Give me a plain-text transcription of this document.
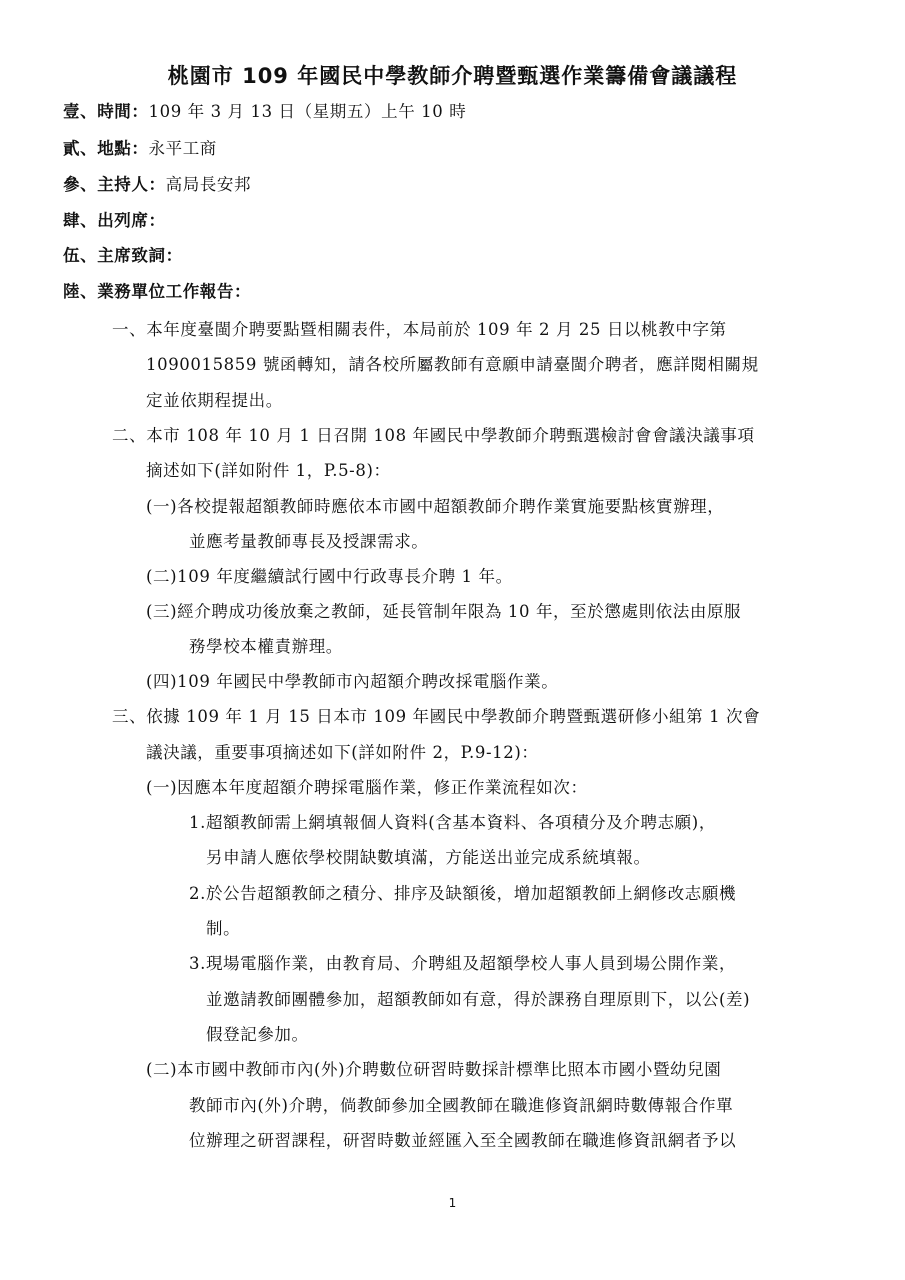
桃園市 109 年國民中學教師介聘暨甄選作業籌備會議議程
壹、時間：109 年 3 月 13 日（星期五）上午 10 時
貳、地點：永平工商
參、主持人：高局長安邦
肆、出列席：
伍、主席致詞：
陸、業務單位工作報告：
一、本年度臺閩介聘要點暨相關表件，本局前於 109 年 2 月 25 日以桃教中字第
1090015859 號函轉知，請各校所屬教師有意願申請臺閩介聘者，應詳閱相關規
定並依期程提出。
二、本市 108 年 10 月 1 日召開 108 年國民中學教師介聘甄選檢討會會議決議事項
摘述如下(詳如附件 1，P.5-8)：
(一)各校提報超額教師時應依本市國中超額教師介聘作業實施要點核實辦理，
並應考量教師專長及授課需求。
(二)109 年度繼續試行國中行政專長介聘 1 年。
(三)經介聘成功後放棄之教師，延長管制年限為 10 年，至於懲處則依法由原服
務學校本權責辦理。
(四)109 年國民中學教師市內超額介聘改採電腦作業。
三、依據 109 年 1 月 15 日本市 109 年國民中學教師介聘暨甄選研修小組第 1 次會
議決議，重要事項摘述如下(詳如附件 2，P.9-12)：
(一)因應本年度超額介聘採電腦作業，修正作業流程如次：
1.超額教師需上網填報個人資料(含基本資料、各項積分及介聘志願)，
另申請人應依學校開缺數填滿，方能送出並完成系統填報。
2.於公告超額教師之積分、排序及缺額後，增加超額教師上網修改志願機
制。
3.現場電腦作業，由教育局、介聘組及超額學校人事人員到場公開作業，
並邀請教師團體參加，超額教師如有意，得於課務自理原則下，以公(差)
假登記參加。
(二)本市國中教師市內(外)介聘數位研習時數採計標準比照本市國小暨幼兒園
教師市內(外)介聘，倘教師參加全國教師在職進修資訊網時數傳報合作單
位辦理之研習課程，研習時數並經匯入至全國教師在職進修資訊網者予以
1
